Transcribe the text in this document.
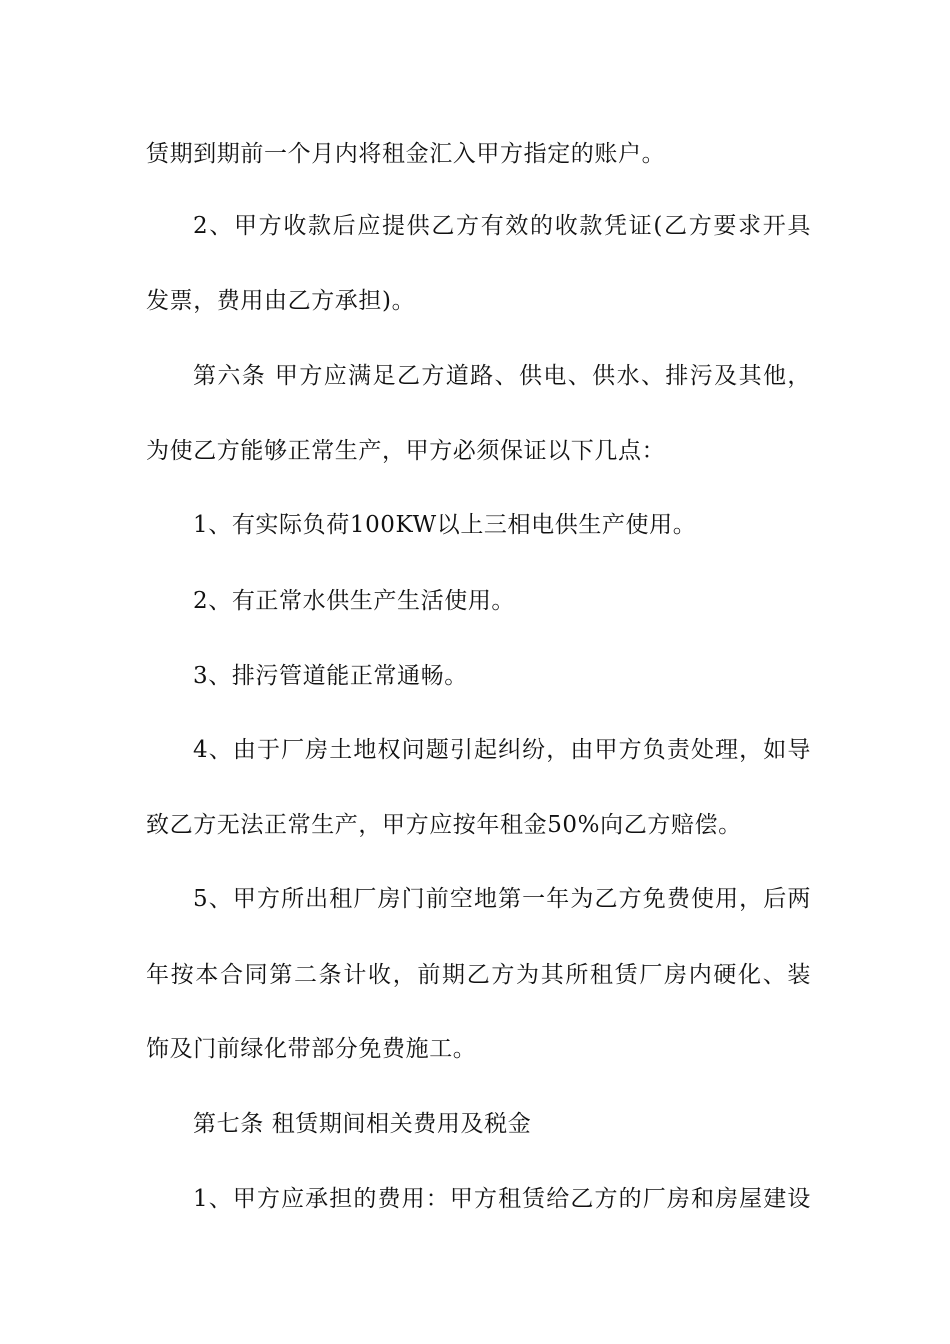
赁期到期前一个月内将租金汇入甲方指定的账户。
2、甲方收款后应提供乙方有效的收款凭证(乙方要求开具
发票，费用由乙方承担)。
第六条 甲方应满足乙方道路、供电、供水、排污及其他，
为使乙方能够正常生产，甲方必须保证以下几点：
1、有实际负荷100KW以上三相电供生产使用。
2、有正常水供生产生活使用。
3、排污管道能正常通畅。
4、由于厂房土地权问题引起纠纷，由甲方负责处理，如导
致乙方无法正常生产，甲方应按年租金50%向乙方赔偿。
5、甲方所出租厂房门前空地第一年为乙方免费使用，后两
年按本合同第二条计收，前期乙方为其所租赁厂房内硬化、装
饰及门前绿化带部分免费施工。
第七条 租赁期间相关费用及税金
1、甲方应承担的费用：甲方租赁给乙方的厂房和房屋建设
